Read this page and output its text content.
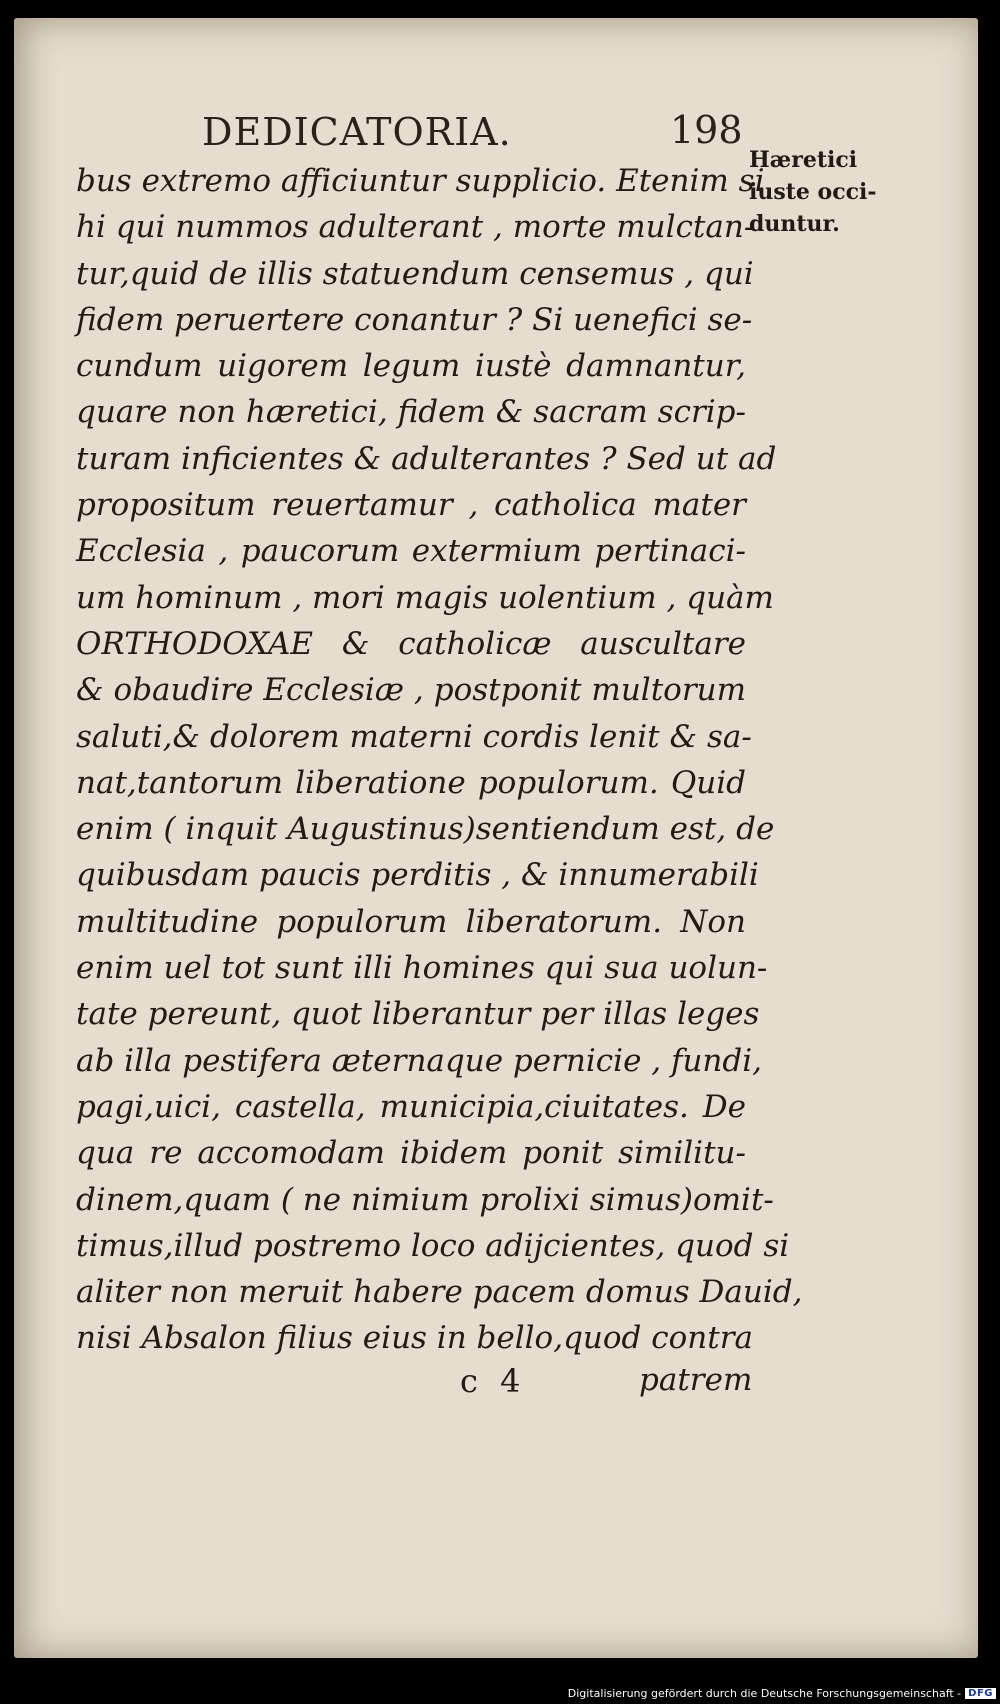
DEDICATORIA.	198
bus extremo afficiuntur supplicio. Etenim si
hi qui nummos adulterant , morte mulctan-
tur,quid de illis statuendum censemus , qui
fidem peruertere conantur ? Si uenefici se-
cundum uigorem legum iustè damnantur,
quare non hæretici, fidem & sacram scrip-
turam inficientes & adulterantes ? Sed ut ad
propositum reuertamur , catholica mater
Ecclesia , paucorum extermium pertinaci-
um hominum , mori magis uolentium , quàm
ORTHODOXAE & catholicæ auscultare
& obaudire Ecclesiæ , postponit multorum
saluti,& dolorem materni cordis lenit & sa-
nat,tantorum liberatione populorum. Quid
enim ( inquit Augustinus)sentiendum est, de
quibusdam paucis perditis , & innumerabili
multitudine populorum liberatorum. Non
enim uel tot sunt illi homines qui sua uolun-
tate pereunt, quot liberantur per illas leges
ab illa pestifera æternaque pernicie , fundi,
pagi,uici, castella, municipia,ciuitates. De
qua re accomodam ibidem ponit similitu-
dinem,quam ( ne nimium prolixi simus)omit-
timus,illud postremo loco adijcientes, quod si
aliter non meruit habere pacem domus Dauid,
nisi Absalon filius eius in bello,quod contra
Hæretici
iuste occi-
duntur.
c 4	patrem
Digitalisierung gefördert durch die Deutsche Forschungsgemeinschaft - DFG
